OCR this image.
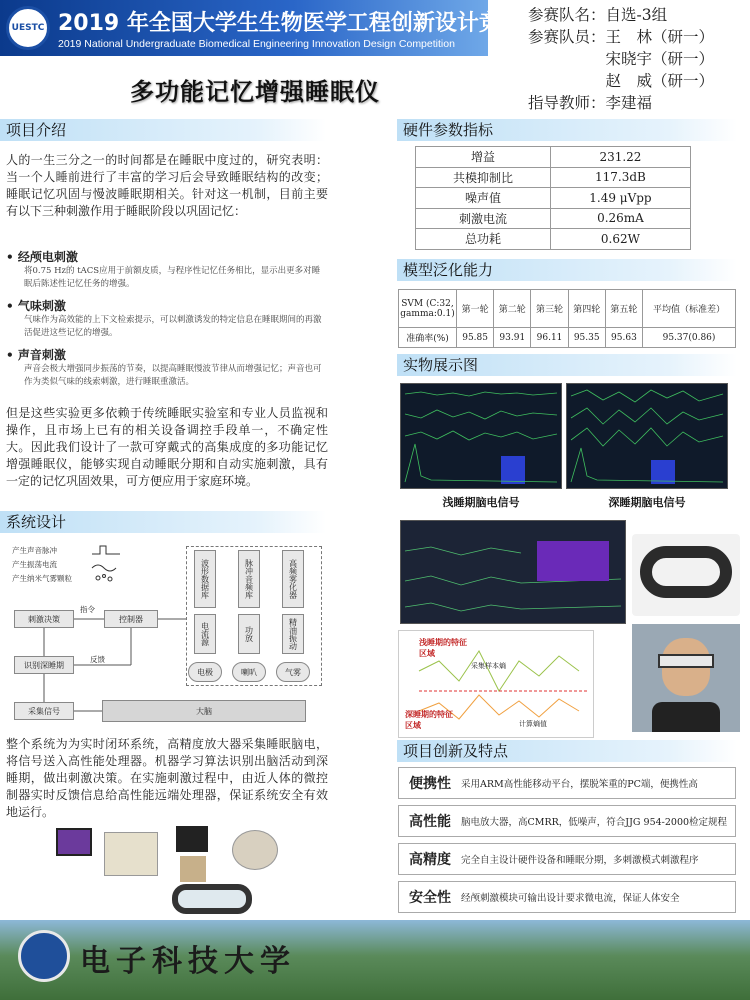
UESTC 2019 年全国大学生生物医学工程创新设计竞赛
2019 National Undergraduate Biomedical Engineering Innovation Design Competition
参赛队名：自选-3组
参赛队员：王　林（研一）
　　　　　宋晓宇（研一）
　　　　　赵　威（研一）
指导教师：李建福
多功能记忆增强睡眠仪
项目介绍
人的一生三分之一的时间都是在睡眠中度过的，研究表明：当一个人睡前进行了丰富的学习后会导致睡眠结构的改变；睡眠记忆巩固与慢波睡眠期相关。针对这一机制，目前主要有以下三种刺激作用于睡眠阶段以巩固记忆：
• 经颅电刺激
将0.75 Hz的 tACS应用于前额皮质，与程序性记忆任务相比，显示出更多对睡眠后陈述性记忆任务的增强。
• 气味刺激
气味作为高效能的上下文检索提示，可以刺激诱发的特定信息在睡眠期间的再激活促进这些记忆的增强。
• 声音刺激
声音会极大增强同步振荡的节奏，以提高睡眠慢波节律从而增强记忆；声音也可作为类似气味的线索刺激，进行睡眠重激活。
但是这些实验更多依赖于传统睡眠实验室和专业人员监视和操作，且市场上已有的相关设备调控手段单一，不确定性大。因此我们设计了一款可穿戴式的高集成度的多功能记忆增强睡眠仪，能够实现自动睡眠分期和自动实施刺激，具有一定的记忆巩固效果，可方便应用于家庭环境。
系统设计
产生声音脉冲
产生振荡电流
产生纳米气雾颗粒	波形数据库	脉冲音频库	高频雾化器
电流源	功放	精油振动
电极	喇叭	气雾
刺激决策
指令
控制器
识别深睡期
反馈
采集信号	大脑
整个系统为为实时闭环系统，高精度放大器采集睡眠脑电，将信号送入高性能处理器。机器学习算法识别出脑活动到深睡期，做出刺激决策。在实施刺激过程中，由近人体的微控制器实时反馈信息给高性能远端处理器，保证系统安全有效地运行。
硬件参数指标
增益	231.22
共模抑制比	117.3dB
噪声值	1.49 μVpp
刺激电流	0.26mA
总功耗	0.62W
模型泛化能力
SVM (C:32, gamma:0.1)	第一轮	第二轮	第三轮	第四轮	第五轮	平均值（标准差）
准确率(%)	95.85	93.91	96.11	95.35	95.63	95.37(0.86)
实物展示图
浅睡期脑电信号	深睡期脑电信号
浅睡期的特征区域
深睡期的特征区域
采集样本熵
计算熵值
项目创新及特点
便携性	采用ARM高性能移动平台，摆脱笨重的PC端，便携性高
高性能	脑电放大器，高CMRR，低噪声，符合JJG 954-2000检定规程
高精度	完全自主设计硬件设备和睡眠分期，多刺激模式刺激程序
安全性	经颅刺激模块可输出设计要求微电流，保证人体安全
电子科技大学
